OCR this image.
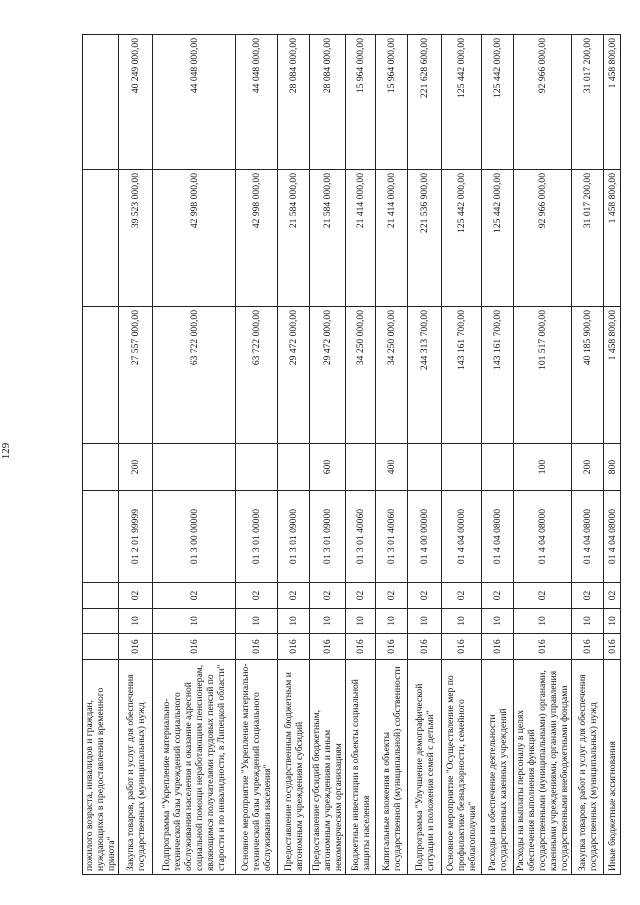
129
пожилого возраста, инвалидов и граждан, нуждающихся в предоставлении временного приюта"								
Закупка товаров, работ и услуг для обеспечения государственных (муниципальных) нужд	016	10	02	01 2 01 99999	200	27 557 000,00	39 523 000,00	40 249 000,00
Подпрограмма "Укрепление материально-технической базы учреждений социального обслуживания населения и оказание адресной социальной помощи неработающим пенсионерам, являющимся получателями трудовых пенсий по старости и по инвалидности, в Липецкой области"	016	10	02	01 3 00 00000		63 722 000,00	42 998 000,00	44 048 000,00
Основное мероприятие "Укрепление материально-технической базы учреждений социального обслуживания населения"	016	10	02	01 3 01 00000		63 722 000,00	42 998 000,00	44 048 000,00
Предоставление государственным бюджетным и автономным учреждениям субсидий	016	10	02	01 3 01 09000		29 472 000,00	21 584 000,00	28 084 000,00
Предоставление субсидий бюджетным, автономным учреждениям и иным некоммерческим организациям	016	10	02	01 3 01 09000	600	29 472 000,00	21 584 000,00	28 084 000,00
Бюджетные инвестиции в объекты социальной защиты населения	016	10	02	01 3 01 40060		34 250 000,00	21 414 000,00	15 964 000,00
Капитальные вложения в объекты государственной (муниципальной) собственности	016	10	02	01 3 01 40060	400	34 250 000,00	21 414 000,00	15 964 000,00
Подпрограмма "Улучшение демографической ситуации и положения семей с детьми"	016	10	02	01 4 00 00000		244 313 700,00	221 536 900,00	221 628 600,00
Основное мероприятие "Осуществление мер по профилактике безнадзорности, семейного неблагополучия"	016	10	02	01 4 04 00000		143 161 700,00	125 442 000,00	125 442 000,00
Расходы на обеспечение деятельности государственных казенных учреждений	016	10	02	01 4 04 08000		143 161 700,00	125 442 000,00	125 442 000,00
Расходы на выплаты персоналу в целях обеспечения выполнения функций государственными (муниципальными) органами, казенными учреждениями, органами управления государственными внебюджетными фондами	016	10	02	01 4 04 08000	100	101 517 000,00	92 966 000,00	92 966 000,00
Закупка товаров, работ и услуг для обеспечения государственных (муниципальных) нужд	016	10	02	01 4 04 08000	200	40 185 900,00	31 017 200,00	31 017 200,00
Иные бюджетные ассигнования	016	10	02	01 4 04 08000	800	1 458 800,00	1 458 800,00	1 458 800,00
